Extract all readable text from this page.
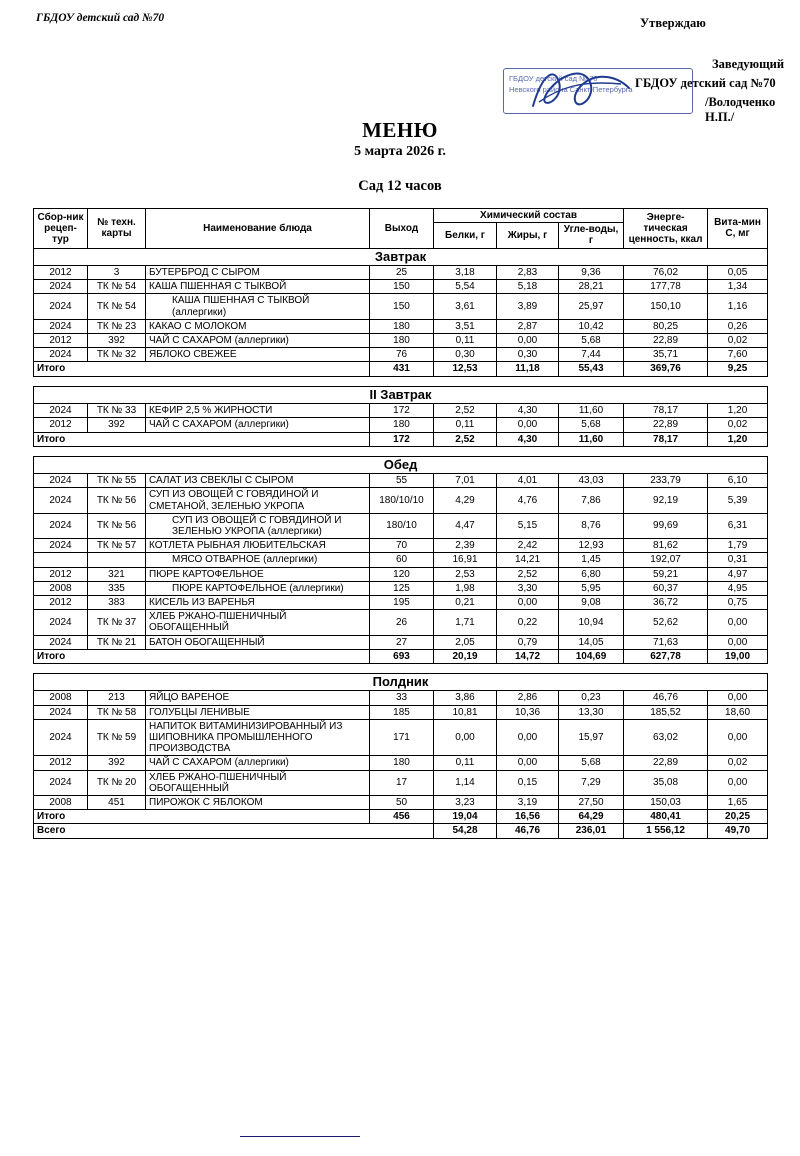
ГБДОУ детский сад №70	Утверждаю
Заведующий
ГБДОУ детский сад №70
/Володченко Н.П./
ГБДОУ детский сад № 70
Невского района Санкт-Петербурга
МЕНЮ
5 марта 2026 г.
Сад 12 часов
Сбор-ник рецеп-тур	№ техн. карты	Наименование блюда	Выход	Химический состав			Энерге-тическая ценность, ккал	Вита-мин С, мг
				Белки, г	Жиры, г	Угле-воды, г		
Завтрак								
2012	3	БУТЕРБРОД С СЫРОМ	25	3,18	2,83	9,36	76,02	0,05
2024	ТК № 54	КАША ПШЕННАЯ С ТЫКВОЙ	150	5,54	5,18	28,21	177,78	1,34
2024	ТК № 54	КАША ПШЕННАЯ С ТЫКВОЙ (аллергики)	150	3,61	3,89	25,97	150,10	1,16
2024	ТК № 23	КАКАО С МОЛОКОМ	180	3,51	2,87	10,42	80,25	0,26
2012	392	ЧАЙ С САХАРОМ (аллергики)	180	0,11	0,00	5,68	22,89	0,02
2024	ТК № 32	ЯБЛОКО СВЕЖЕЕ	76	0,30	0,30	7,44	35,71	7,60
Итого			431	12,53	11,18	55,43	369,76	9,25

II Завтрак								
2024	ТК № 33	КЕФИР 2,5 % ЖИРНОСТИ	172	2,52	4,30	11,60	78,17	1,20
2012	392	ЧАЙ С САХАРОМ (аллергики)	180	0,11	0,00	5,68	22,89	0,02
Итого			172	2,52	4,30	11,60	78,17	1,20

Обед								
2024	ТК № 55	САЛАТ ИЗ СВЕКЛЫ С СЫРОМ	55	7,01	4,01	43,03	233,79	6,10
2024	ТК № 56	СУП ИЗ ОВОЩЕЙ С ГОВЯДИНОЙ И СМЕТАНОЙ, ЗЕЛЕНЬЮ УКРОПА	180/10/10	4,29	4,76	7,86	92,19	5,39
2024	ТК № 56	СУП ИЗ ОВОЩЕЙ С ГОВЯДИНОЙ И ЗЕЛЕНЬЮ УКРОПА (аллергики)	180/10	4,47	5,15	8,76	99,69	6,31
2024	ТК № 57	КОТЛЕТА РЫБНАЯ ЛЮБИТЕЛЬСКАЯ	70	2,39	2,42	12,93	81,62	1,79
		МЯСО ОТВАРНОЕ (аллергики)	60	16,91	14,21	1,45	192,07	0,31
2012	321	ПЮРЕ КАРТОФЕЛЬНОЕ	120	2,53	2,52	6,80	59,21	4,97
2008	335	ПЮРЕ КАРТОФЕЛЬНОЕ (аллергики)	125	1,98	3,30	5,95	60,37	4,95
2012	383	КИСЕЛЬ ИЗ ВАРЕНЬЯ	195	0,21	0,00	9,08	36,72	0,75
2024	ТК № 37	ХЛЕБ РЖАНО-ПШЕНИЧНЫЙ ОБОГАЩЕННЫЙ	26	1,71	0,22	10,94	52,62	0,00
2024	ТК № 21	БАТОН ОБОГАЩЕННЫЙ	27	2,05	0,79	14,05	71,63	0,00
Итого			693	20,19	14,72	104,69	627,78	19,00

Полдник								
2008	213	ЯЙЦО ВАРЕНОЕ	33	3,86	2,86	0,23	46,76	0,00
2024	ТК № 58	ГОЛУБЦЫ ЛЕНИВЫЕ	185	10,81	10,36	13,30	185,52	18,60
2024	ТК № 59	НАПИТОК ВИТАМИНИЗИРОВАННЫЙ ИЗ ШИПОВНИКА ПРОМЫШЛЕННОГО ПРОИЗВОДСТВА	171	0,00	0,00	15,97	63,02	0,00
2012	392	ЧАЙ С САХАРОМ (аллергики)	180	0,11	0,00	5,68	22,89	0,02
2024	ТК № 20	ХЛЕБ РЖАНО-ПШЕНИЧНЫЙ ОБОГАЩЕННЫЙ	17	1,14	0,15	7,29	35,08	0,00
2008	451	ПИРОЖОК С ЯБЛОКОМ	50	3,23	3,19	27,50	150,03	1,65
Итого			456	19,04	16,56	64,29	480,41	20,25
Всего				54,28	46,76	236,01	1 556,12	49,70
